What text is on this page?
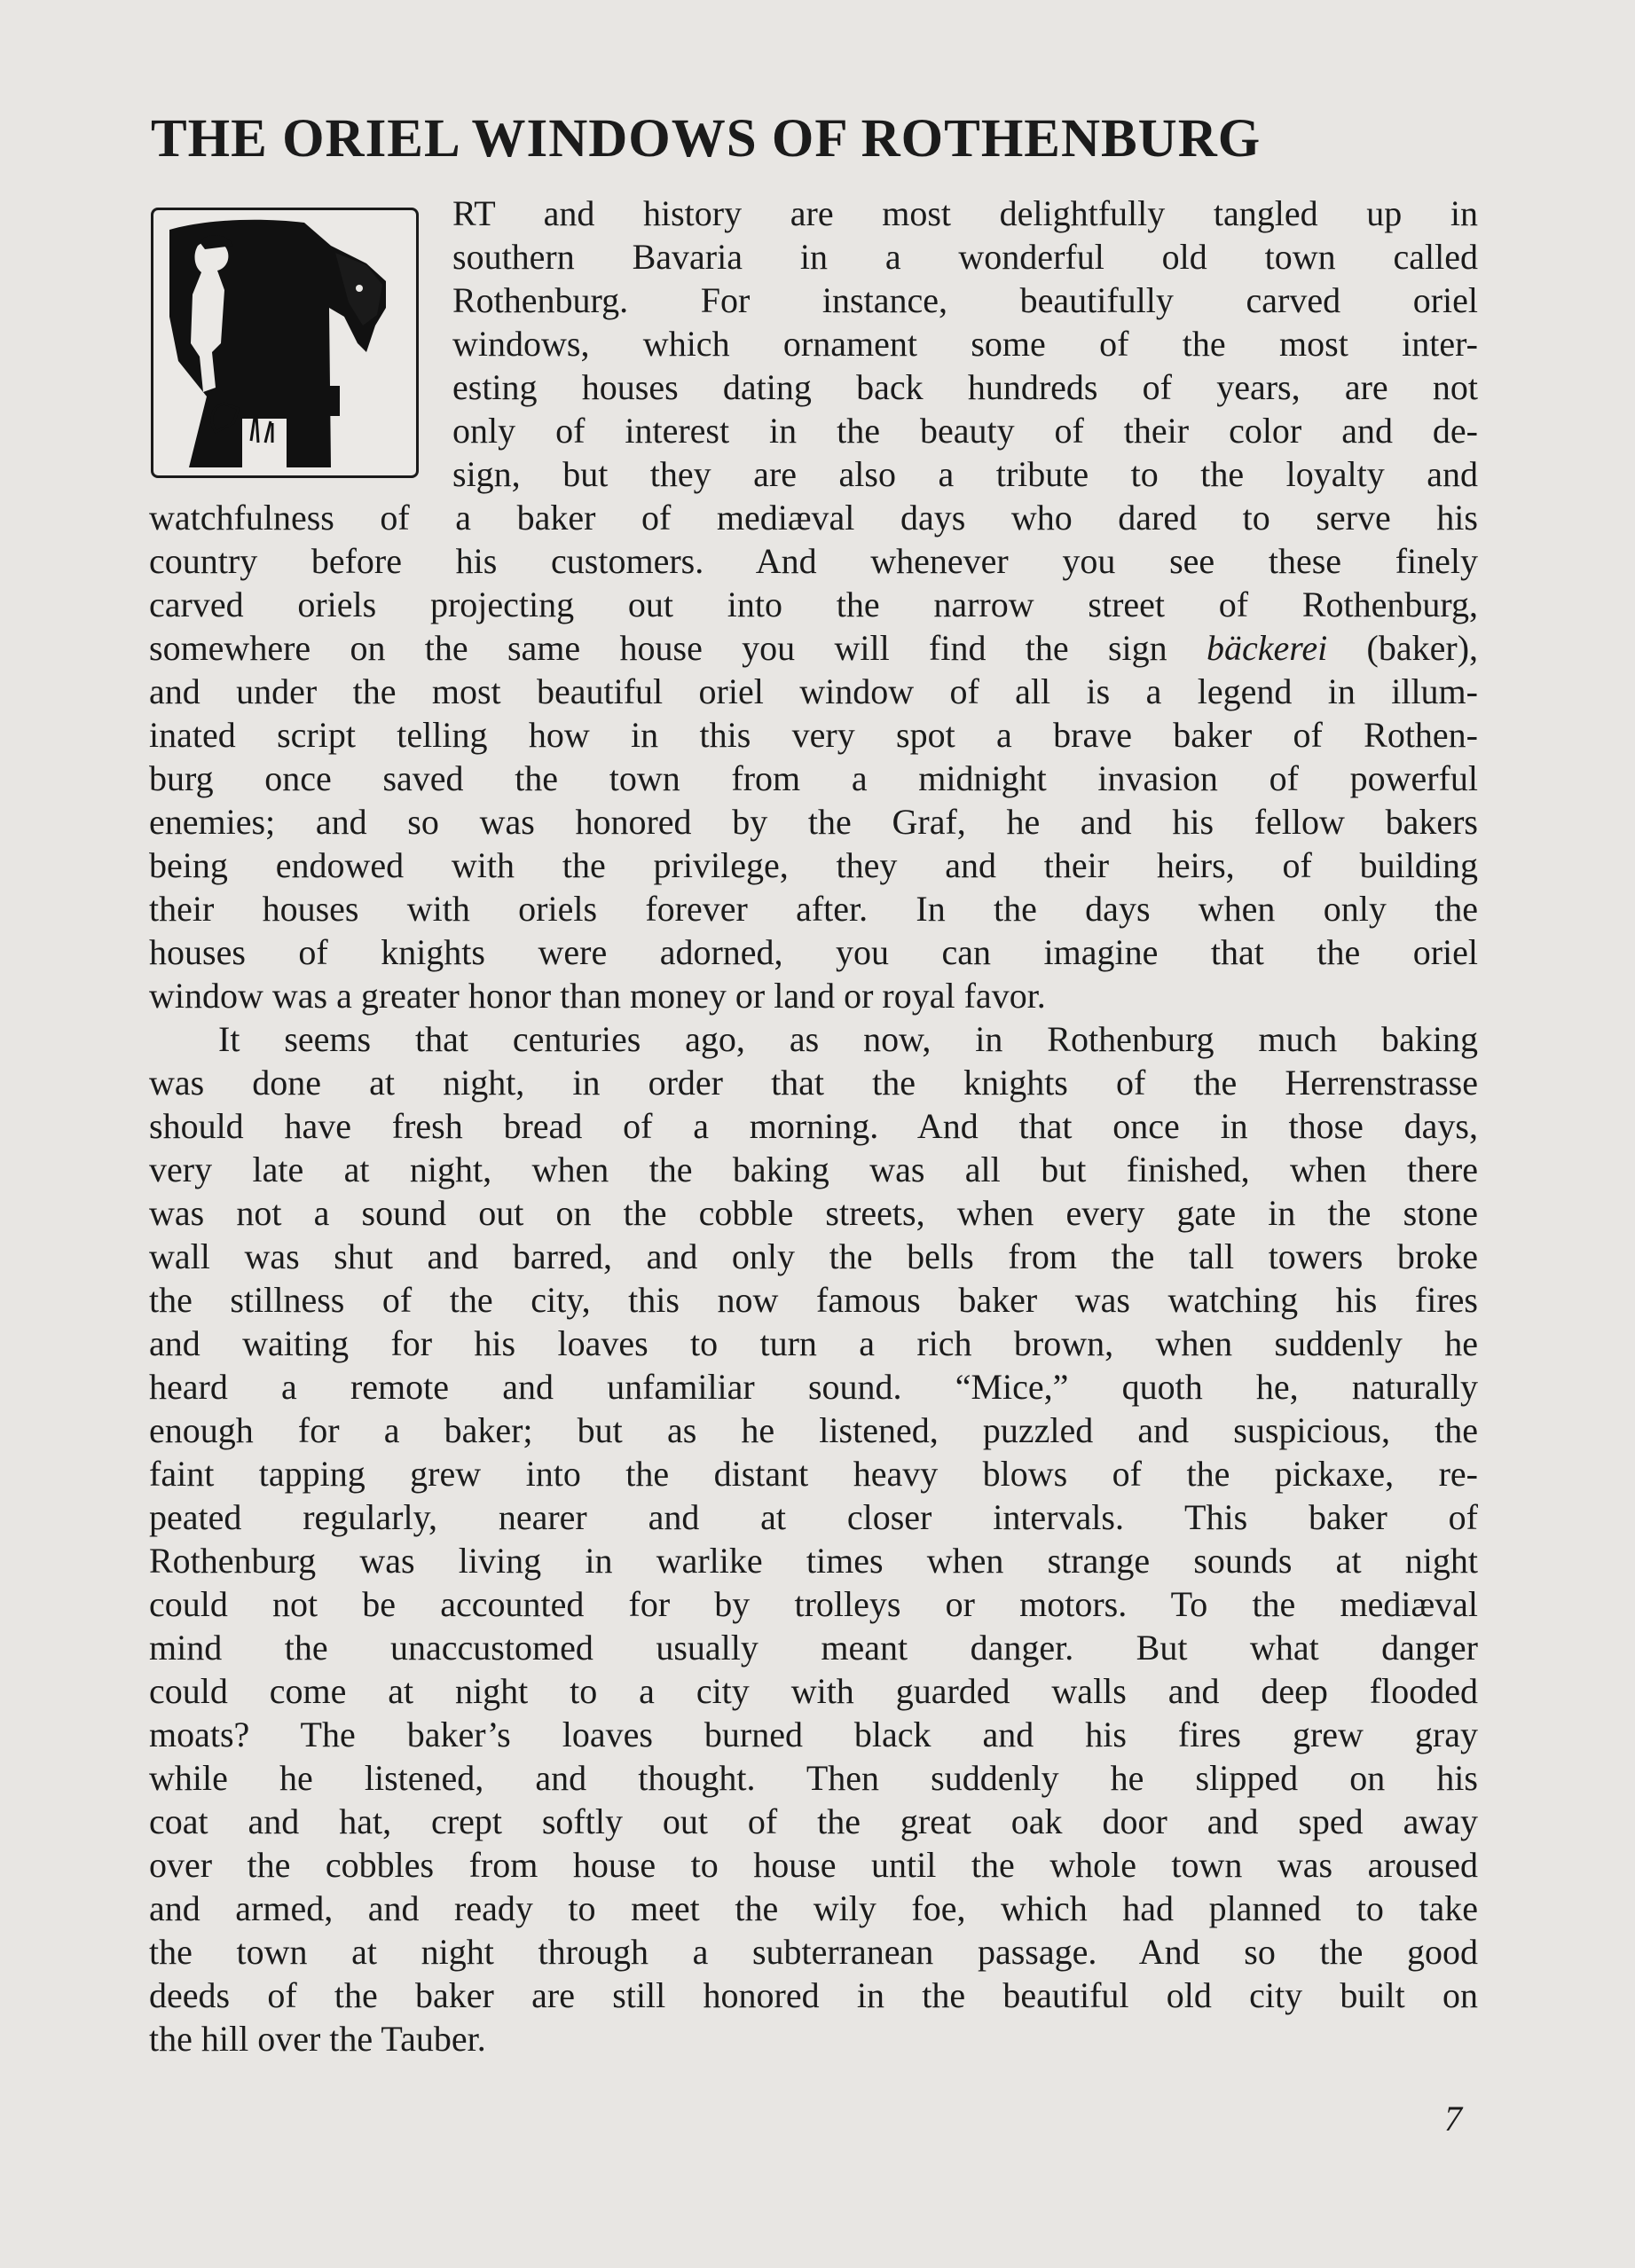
THE ORIEL WINDOWS OF ROTHENBURG
RT and history are most delightfully tangled up in
southern Bavaria in a wonderful old town called
Rothenburg. For instance, beautifully carved oriel
windows, which ornament some of the most inter-
esting houses dating back hundreds of years, are not
only of interest in the beauty of their color and de-
sign, but they are also a tribute to the loyalty and
watchfulness of a baker of mediæval days who dared to serve his
country before his customers. And whenever you see these finely
carved oriels projecting out into the narrow street of Rothenburg,
somewhere on the same house you will find the sign bäckerei (baker),
and under the most beautiful oriel window of all is a legend in illum-
inated script telling how in this very spot a brave baker of Rothen-
burg once saved the town from a midnight invasion of powerful
enemies; and so was honored by the Graf, he and his fellow bakers
being endowed with the privilege, they and their heirs, of building
their houses with oriels forever after. In the days when only the
houses of knights were adorned, you can imagine that the oriel
window was a greater honor than money or land or royal favor.
It seems that centuries ago, as now, in Rothenburg much baking
was done at night, in order that the knights of the Herrenstrasse
should have fresh bread of a morning. And that once in those days,
very late at night, when the baking was all but finished, when there
was not a sound out on the cobble streets, when every gate in the stone
wall was shut and barred, and only the bells from the tall towers broke
the stillness of the city, this now famous baker was watching his fires
and waiting for his loaves to turn a rich brown, when suddenly he
heard a remote and unfamiliar sound. “Mice,” quoth he, naturally
enough for a baker; but as he listened, puzzled and suspicious, the
faint tapping grew into the distant heavy blows of the pickaxe, re-
peated regularly, nearer and at closer intervals. This baker of
Rothenburg was living in warlike times when strange sounds at night
could not be accounted for by trolleys or motors. To the mediæval
mind the unaccustomed usually meant danger. But what danger
could come at night to a city with guarded walls and deep flooded
moats? The baker’s loaves burned black and his fires grew gray
while he listened, and thought. Then suddenly he slipped on his
coat and hat, crept softly out of the great oak door and sped away
over the cobbles from house to house until the whole town was aroused
and armed, and ready to meet the wily foe, which had planned to take
the town at night through a subterranean passage. And so the good
deeds of the baker are still honored in the beautiful old city built on
the hill over the Tauber.
7
